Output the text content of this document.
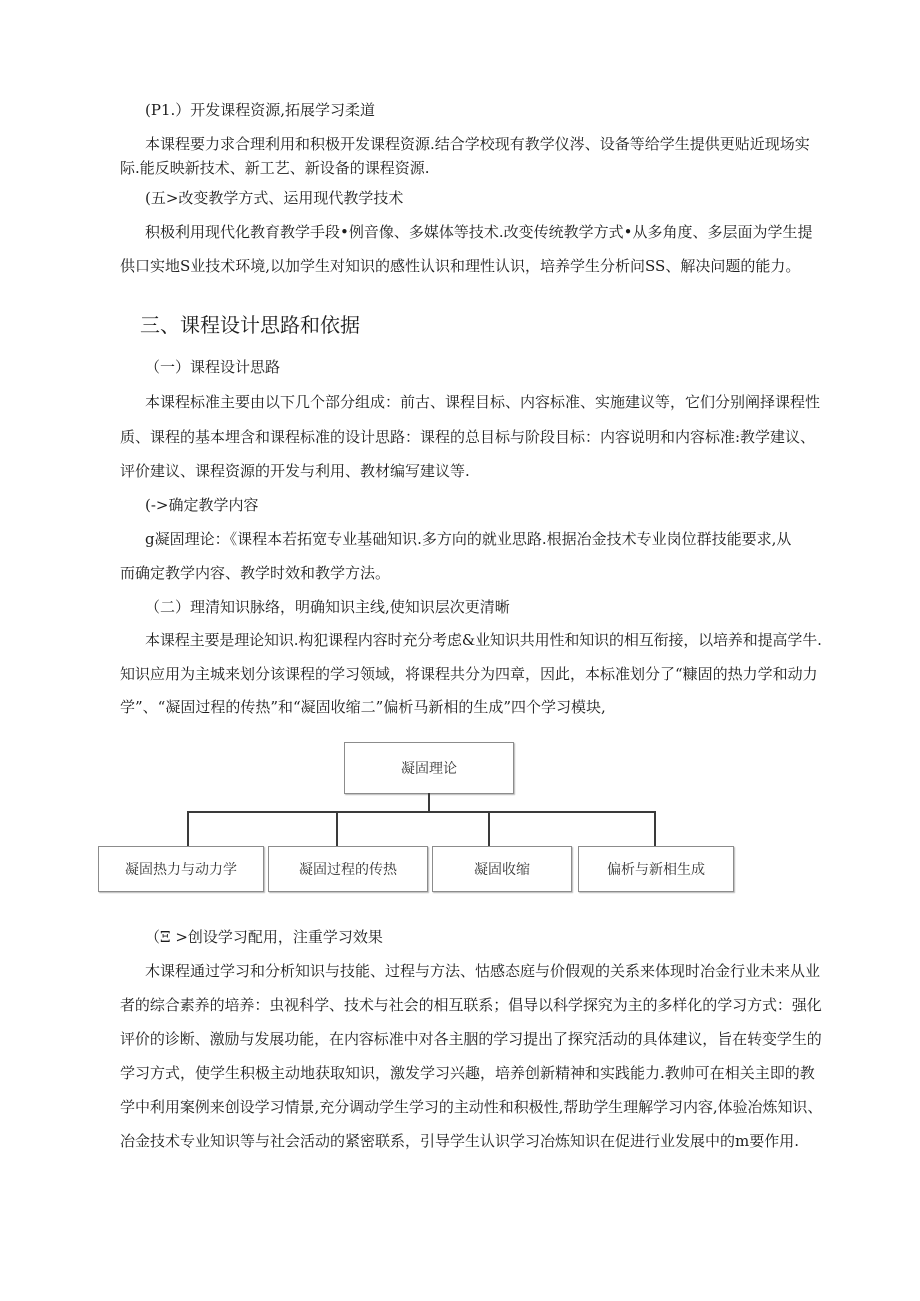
(P1.）开发课程资源,拓展学习柔道
本课程要力求合理利用和积极开发课程资源.结合学校现有教学仪涔、设备等给学生提供更贴近现场实
际.能反映新技术、新工艺、新设备的课程资源.
(五>改变教学方式、运用现代教学技术
积极利用现代化教育教学手段•例音像、多媒体等技术.改变传统教学方式•从多角度、多层面为学生提
供口实地S业技术环境,以加学生对知识的感性认识和理性认识，培养学生分析问SS、解决问题的能力。
三、课程设计思路和依据
（一）课程设计思路
本课程标准主要由以下几个部分组成：前古、课程目标、内容标准、实施建议等，它们分别阐择课程性
质、课程的基本埋含和课程标准的设计思路：课程的总目标与阶段目标：内容说明和内容标准:教学建议、
评价建议、课程资源的开发与利用、教材编写建议等.
(->确定教学内容
g凝固理论：《课程本若拓宽专业基础知识.多方向的就业思路.根据冶金技术专业岗位群技能要求,从
而确定教学内容、教学时效和教学方法。
（二）理清知识脉络，明确知识主线,使知识层次更清晰
本课程主要是理论知识.构犯课程内容时充分考虑&业知识共用性和知识的相互衔接，以培养和提高学牛.
知识应用为主城来划分该课程的学习领域，将课程共分为四章，因此，本标准划分了“糠固的热力学和动力
学”、“凝固过程的传热”和“凝固收缩二”偏析马新相的生成”四个学习模块,
凝固理论
凝固热力与动力学	凝固过程的传热	凝固收缩	偏析与新相生成
（Ξ >创设学习配用，注重学习效果
木课程通过学习和分析知识与技能、过程与方法、怙感态庭与价假观的关系来体现时冶金行业未来从业
者的综合素养的培养：虫视科学、技术与社会的相互联系；倡导以科学探究为主的多样化的学习方式：强化
评价的诊断、激励与发展功能，在内容标准中对各主胭的学习提出了探究活动的具体建议，旨在转变学生的
学习方式，使学生积极主动地获取知识，激发学习兴趣，培养创新精神和实践能力.教帅可在相关主即的教
学中利用案例来创设学习情景,充分调动学生学习的主动性和积极性,帮助学生理解学习内容,体验冶炼知识、
冶金技术专业知识等与社会活动的紧密联系，引导学生认识学习冶炼知识在促进行业发展中的m要作用.
